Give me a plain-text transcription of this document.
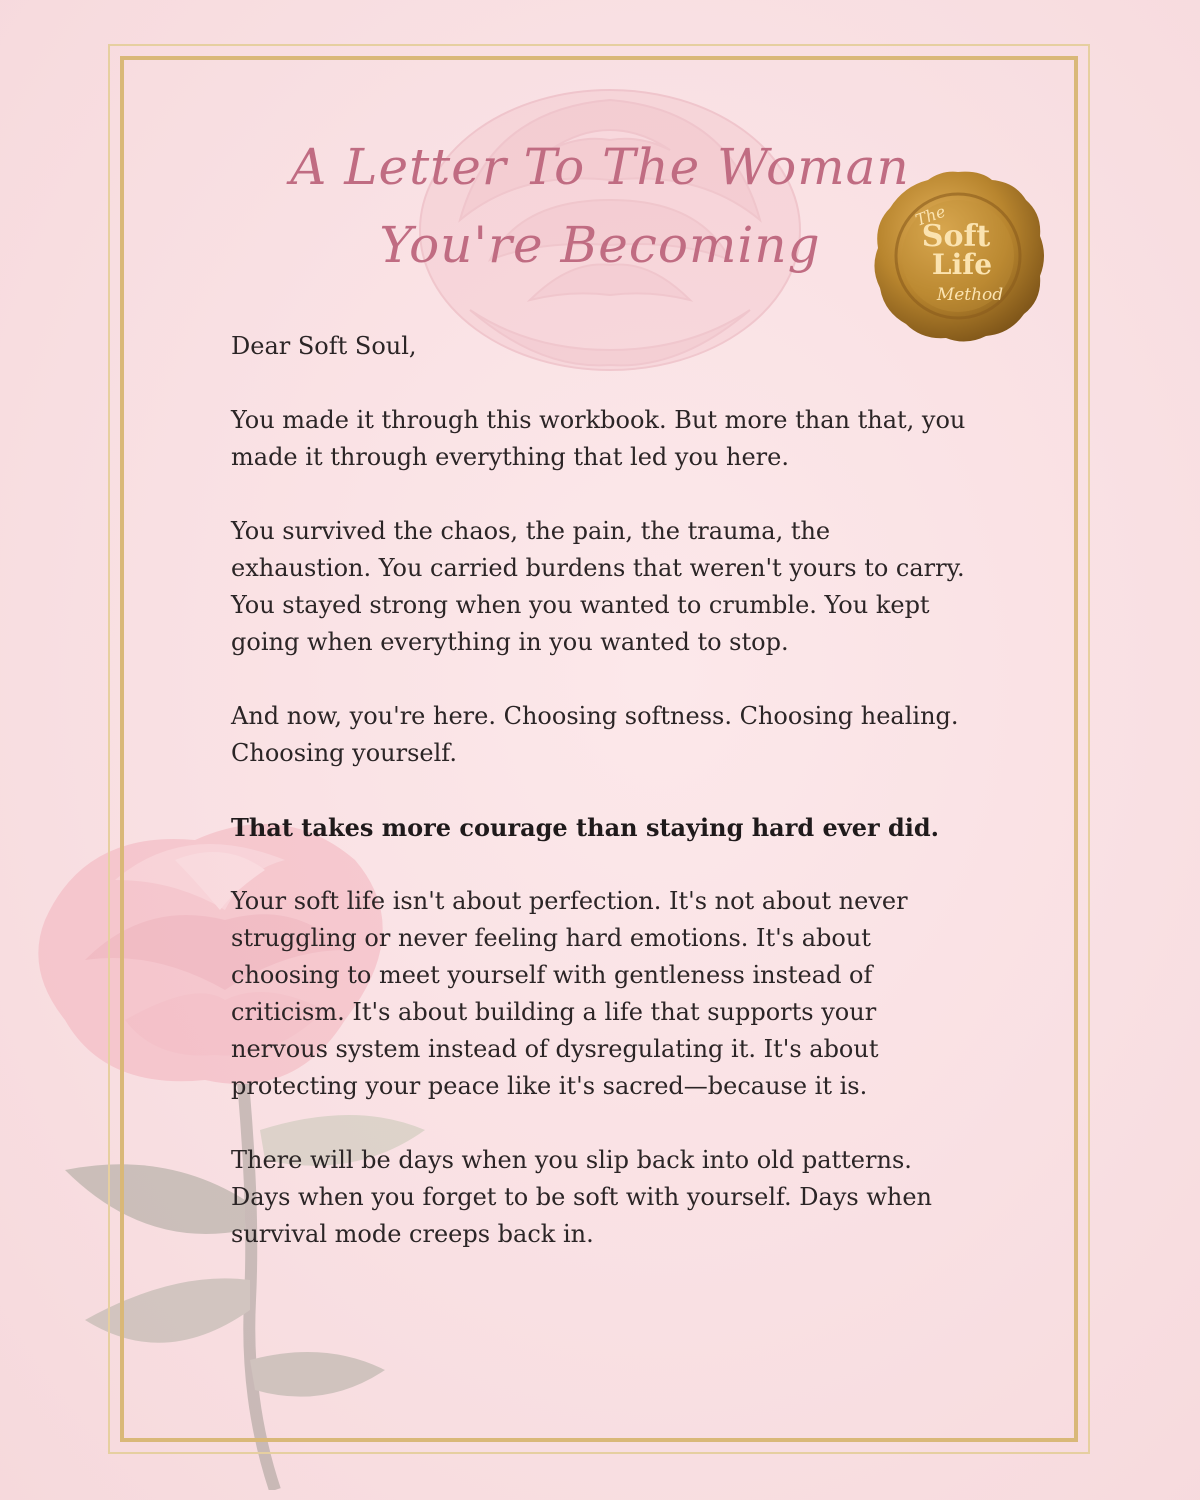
A Letter To The Woman
You're Becoming
The
Soft
Life
Method

Dear Soft Soul,

You made it through this workbook. But more than that, you made it through everything that led you here.

You survived the chaos, the pain, the trauma, the exhaustion. You carried burdens that weren't yours to carry. You stayed strong when you wanted to crumble. You kept going when everything in you wanted to stop.

And now, you're here. Choosing softness. Choosing healing. Choosing yourself.

That takes more courage than staying hard ever did.

Your soft life isn't about perfection. It's not about never struggling or never feeling hard emotions. It's about choosing to meet yourself with gentleness instead of criticism. It's about building a life that supports your nervous system instead of dysregulating it. It's about protecting your peace like it's sacred—because it is.

There will be days when you slip back into old patterns. Days when you forget to be soft with yourself. Days when survival mode creeps back in.
